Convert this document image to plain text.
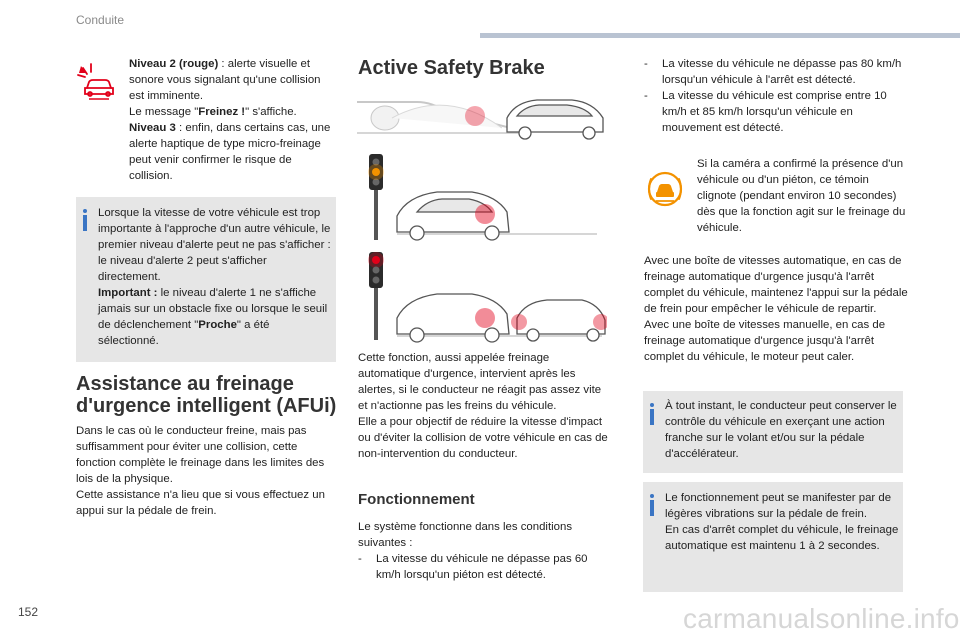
Conduite
Niveau 2 (rouge) : alerte visuelle et sonore vous signalant qu'une collision est imminente.
Le message "Freinez !" s'affiche.
Niveau 3 : enfin, dans certains cas, une alerte haptique de type micro-freinage peut venir confirmer le risque de collision.
Lorsque la vitesse de votre véhicule est trop importante à l'approche d'un autre véhicule, le premier niveau d'alerte peut ne pas s'afficher : le niveau d'alerte 2 peut s'afficher directement.
Important : le niveau d'alerte 1 ne s'affiche jamais sur un obstacle fixe ou lorsque le seuil de déclenchement "Proche" a été sélectionné.
Assistance au freinage d'urgence intelligent (AFUi)
Dans le cas où le conducteur freine, mais pas suffisamment pour éviter une collision, cette fonction complète le freinage dans les limites des lois de la physique.
Cette assistance n'a lieu que si vous effectuez un appui sur la pédale de frein.
Active Safety Brake
Cette fonction, aussi appelée freinage automatique d'urgence, intervient après les alertes, si le conducteur ne réagit pas assez vite et n'actionne pas les freins du véhicule.
Elle a pour objectif de réduire la vitesse d'impact ou d'éviter la collision de votre véhicule en cas de non-intervention du conducteur.
Fonctionnement
Le système fonctionne dans les conditions suivantes :
-	La vitesse du véhicule ne dépasse pas 60 km/h lorsqu'un piéton est détecté.
-	La vitesse du véhicule ne dépasse pas 80 km/h lorsqu'un véhicule à l'arrêt est détecté.
-	La vitesse du véhicule est comprise entre 10 km/h et 85 km/h lorsqu'un véhicule en mouvement est détecté.
Si la caméra a confirmé la présence d'un véhicule ou d'un piéton, ce témoin clignote (pendant environ 10 secondes) dès que la fonction agit sur le freinage du véhicule.
Avec une boîte de vitesses automatique, en cas de freinage automatique d'urgence jusqu'à l'arrêt complet du véhicule, maintenez l'appui sur la pédale de frein pour empêcher le véhicule de repartir.
Avec une boîte de vitesses manuelle, en cas de freinage automatique d'urgence jusqu'à l'arrêt complet du véhicule, le moteur peut caler.
À tout instant, le conducteur peut conserver le contrôle du véhicule en exerçant une action franche sur le volant et/ou sur la pédale d'accélérateur.
Le fonctionnement peut se manifester par de légères vibrations sur la pédale de frein.
En cas d'arrêt complet du véhicule, le freinage automatique est maintenu 1 à 2 secondes.
152	carmanualsonline.info
